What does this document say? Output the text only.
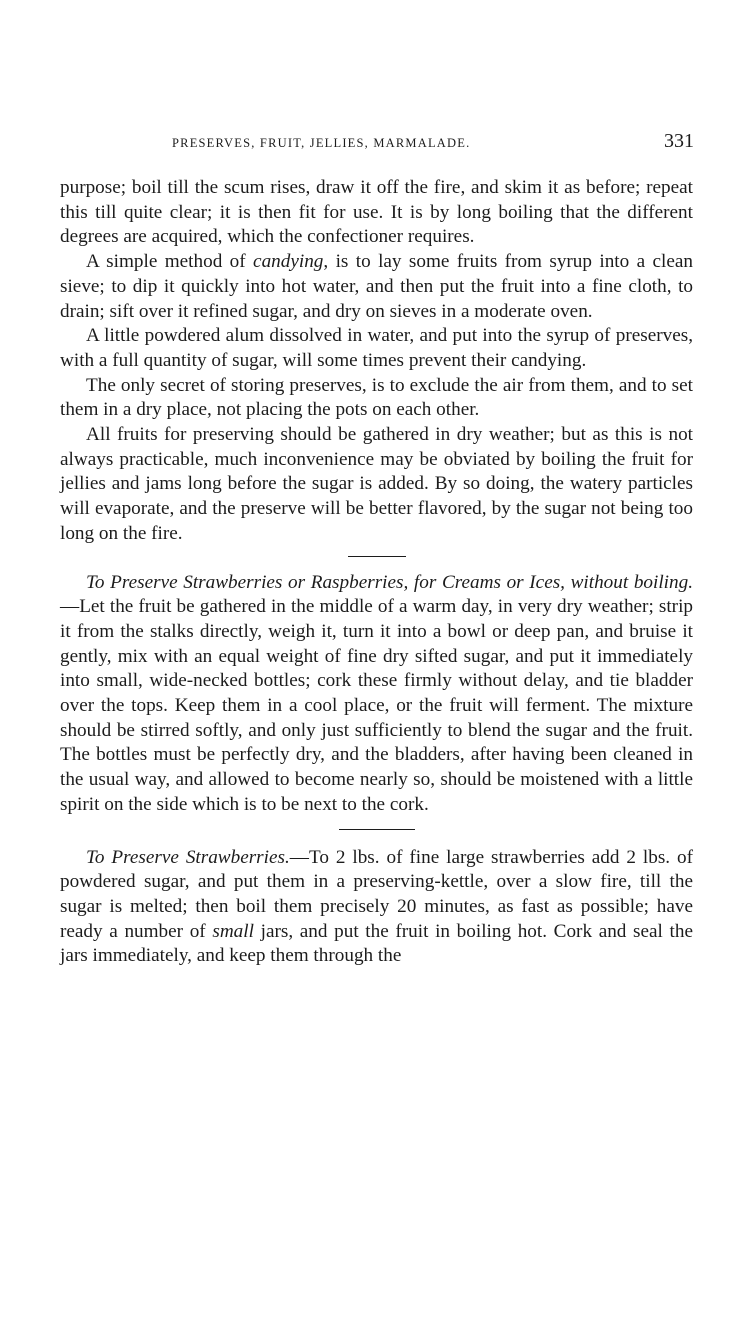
PRESERVES, FRUIT, JELLIES, MARMALADE.	331

purpose; boil till the scum rises, draw it off the fire, and skim it as before; repeat this till quite clear; it is then fit for use. It is by long boiling that the different degrees are acquired, which the confectioner requires.

A simple method of candying, is to lay some fruits from syrup into a clean sieve; to dip it quickly into hot water, and then put the fruit into a fine cloth, to drain; sift over it refined sugar, and dry on sieves in a moderate oven.

A little powdered alum dissolved in water, and put into the syrup of preserves, with a full quantity of sugar, will some times prevent their candying.

The only secret of storing preserves, is to exclude the air from them, and to set them in a dry place, not placing the pots on each other.

All fruits for preserving should be gathered in dry weather; but as this is not always practicable, much inconvenience may be obviated by boiling the fruit for jellies and jams long before the sugar is added. By so doing, the watery particles will evaporate, and the preserve will be better flavored, by the sugar not being too long on the fire.

To Preserve Strawberries or Raspberries, for Creams or Ices, without boiling.—Let the fruit be gathered in the middle of a warm day, in very dry weather; strip it from the stalks directly, weigh it, turn it into a bowl or deep pan, and bruise it gently, mix with an equal weight of fine dry sifted sugar, and put it immediately into small, wide-necked bottles; cork these firmly without delay, and tie bladder over the tops. Keep them in a cool place, or the fruit will ferment. The mixture should be stirred softly, and only just sufficiently to blend the sugar and the fruit. The bottles must be perfectly dry, and the bladders, after having been cleaned in the usual way, and allowed to become nearly so, should be moistened with a little spirit on the side which is to be next to the cork.

To Preserve Strawberries.—To 2 lbs. of fine large strawberries add 2 lbs. of powdered sugar, and put them in a preserving-kettle, over a slow fire, till the sugar is melted; then boil them precisely 20 minutes, as fast as possible; have ready a number of small jars, and put the fruit in boiling hot. Cork and seal the jars immediately, and keep them through the
